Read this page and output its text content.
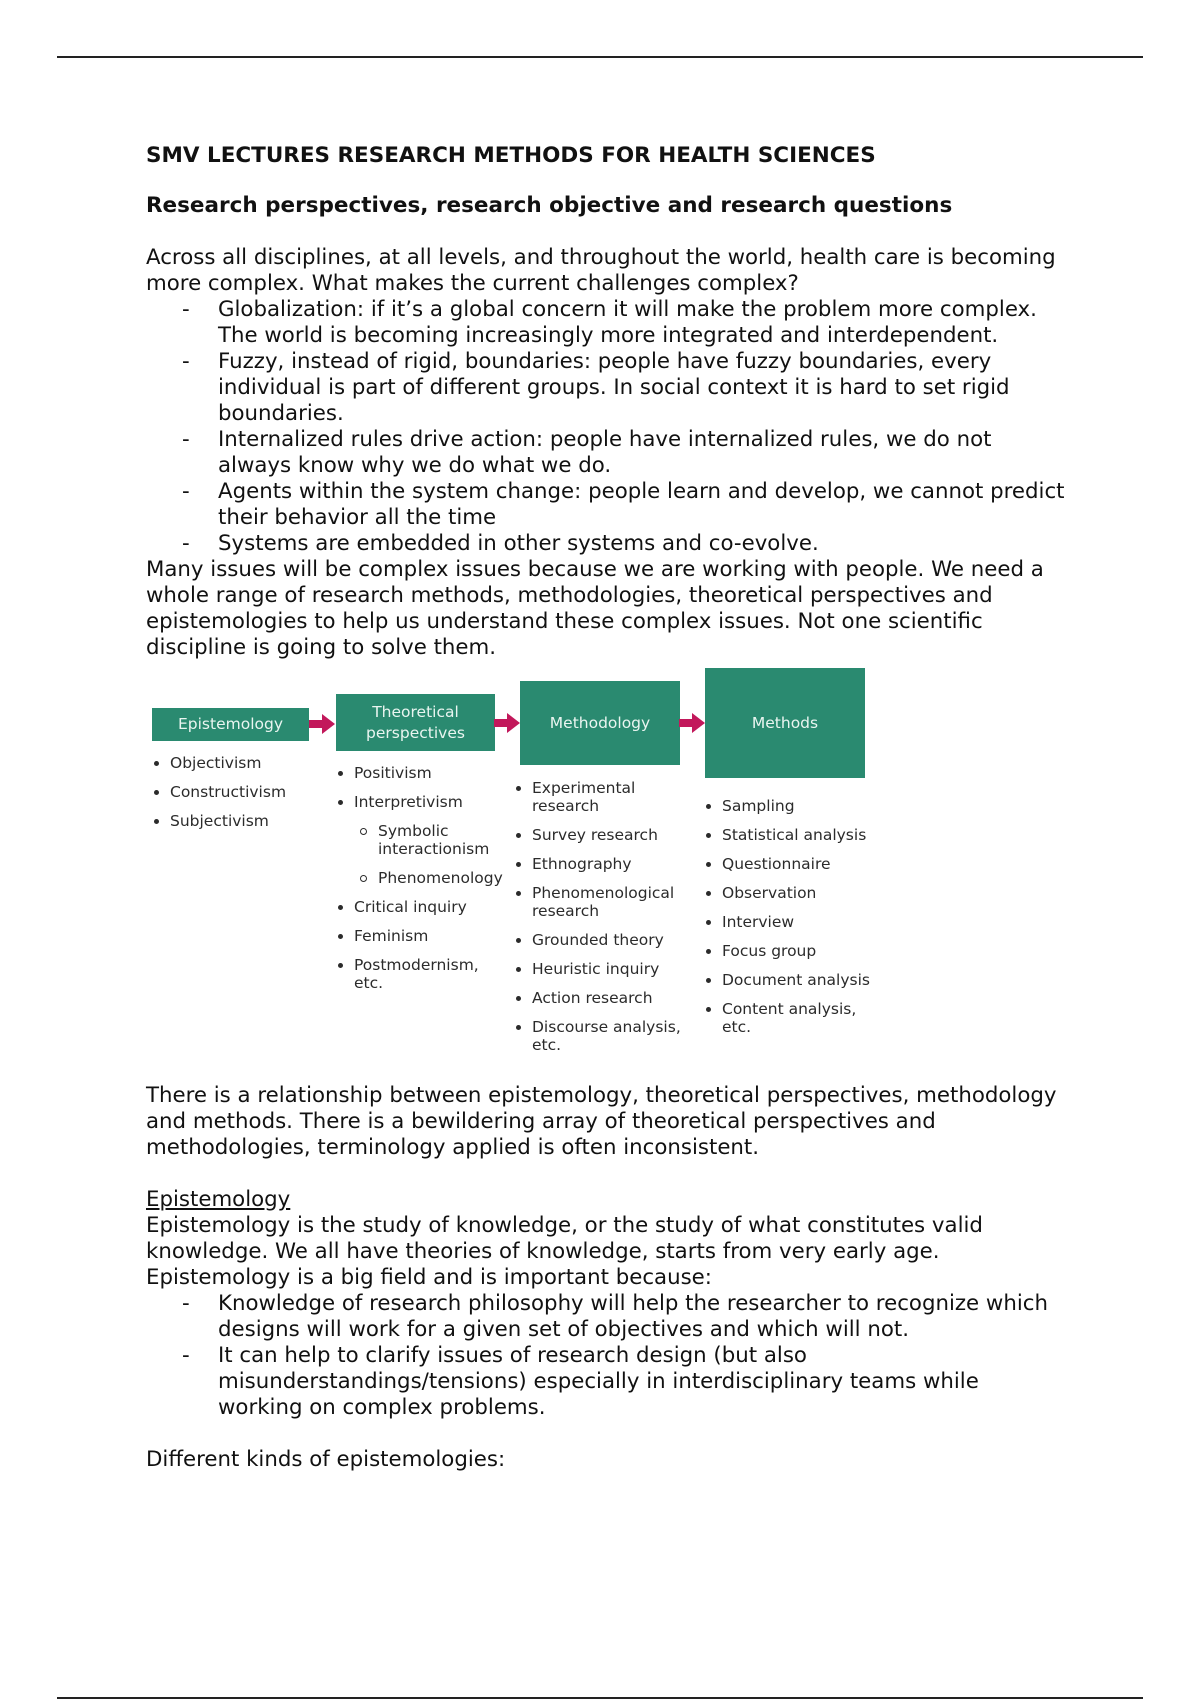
SMV LECTURES RESEARCH METHODS FOR HEALTH SCIENCES
Research perspectives, research objective and research questions

Across all disciplines, at all levels, and throughout the world, health care is becoming more complex. What makes the current challenges complex?

- Globalization: if it’s a global concern it will make the problem more complex. The world is becoming increasingly more integrated and interdependent.
- Fuzzy, instead of rigid, boundaries: people have fuzzy boundaries, every individual is part of different groups. In social context it is hard to set rigid boundaries.
- Internalized rules drive action: people have internalized rules, we do not always know why we do what we do.
- Agents within the system change: people learn and develop, we cannot predict their behavior all the time
- Systems are embedded in other systems and co-evolve.

Many issues will be complex issues because we are working with people. We need a whole range of research methods, methodologies, theoretical perspectives and epistemologies to help us understand these complex issues. Not one scientific discipline is going to solve them.

Epistemology
Theoretical
perspectives
Methodology	Methods
Objectivism
Constructivism
Subjectivism
Positivism
Interpretivism
Symbolic interactionism
Phenomenology
Critical inquiry
Feminism
Postmodernism, etc.
Experimental research
Survey research
Ethnography
Phenomenological research
Grounded theory
Heuristic inquiry
Action research
Discourse analysis, etc.
Sampling
Statistical analysis
Questionnaire
Observation
Interview
Focus group
Document analysis
Content analysis, etc.

There is a relationship between epistemology, theoretical perspectives, methodology and methods. There is a bewildering array of theoretical perspectives and methodologies, terminology applied is often inconsistent.

Epistemology

Epistemology is the study of knowledge, or the study of what constitutes valid knowledge. We all have theories of knowledge, starts from very early age. Epistemology is a big field and is important because:

- Knowledge of research philosophy will help the researcher to recognize which designs will work for a given set of objectives and which will not.
- It can help to clarify issues of research design (but also misunderstandings/tensions) especially in interdisciplinary teams while working on complex problems.

Different kinds of epistemologies:
